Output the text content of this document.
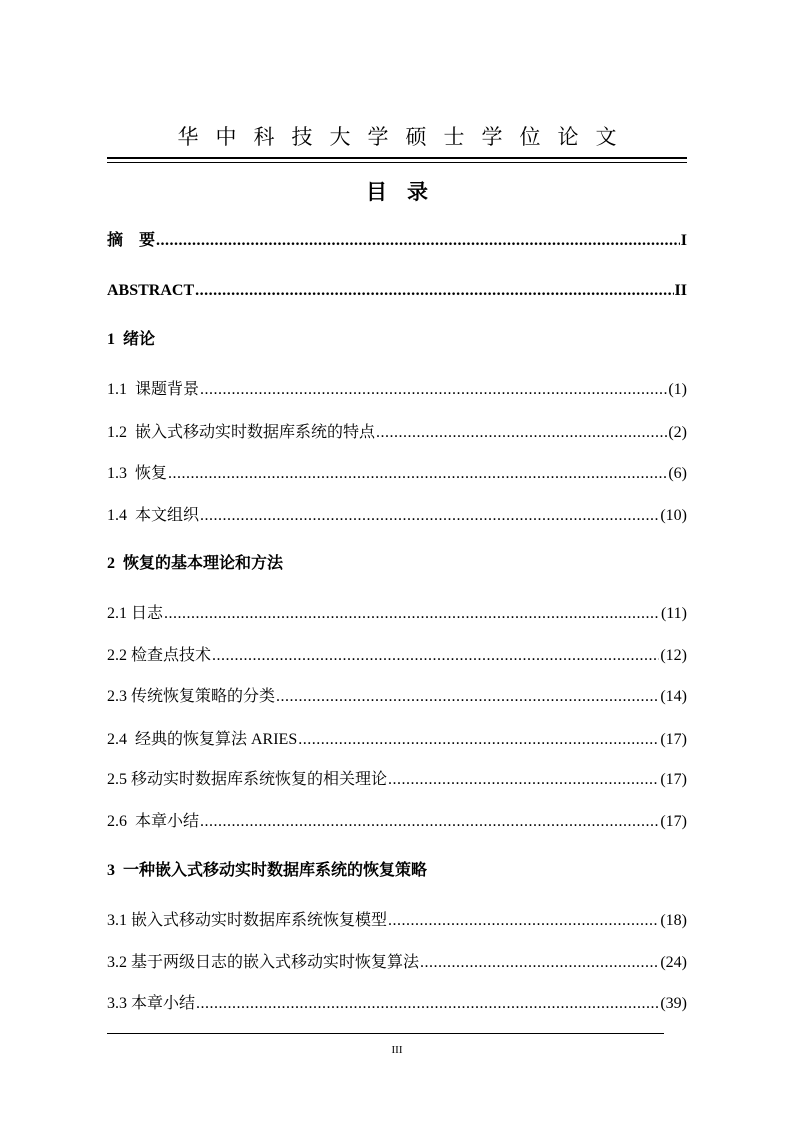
华中科技大学硕士学位论文
目 录
摘　要 .....	I
ABSTRACT .....	II
1  绪论
1.1  课题背景 .....	(1)
1.2  嵌入式移动实时数据库系统的特点 .....	(2)
1.3  恢复 .....	(6)
1.4  本文组织 .....	(10)
2  恢复的基本理论和方法
2.1 日志 .....	(11)
2.2 检查点技术 .....	(12)
2.3 传统恢复策略的分类 .....	(14)
2.4  经典的恢复算法 ARIES .....	(17)
2.5 移动实时数据库系统恢复的相关理论 .....	(17)
2.6  本章小结 .....	(17)
3  一种嵌入式移动实时数据库系统的恢复策略
3.1 嵌入式移动实时数据库系统恢复模型 .....	(18)
3.2 基于两级日志的嵌入式移动实时恢复算法 .....	(24)
3.3 本章小结 .....	(39)
III
